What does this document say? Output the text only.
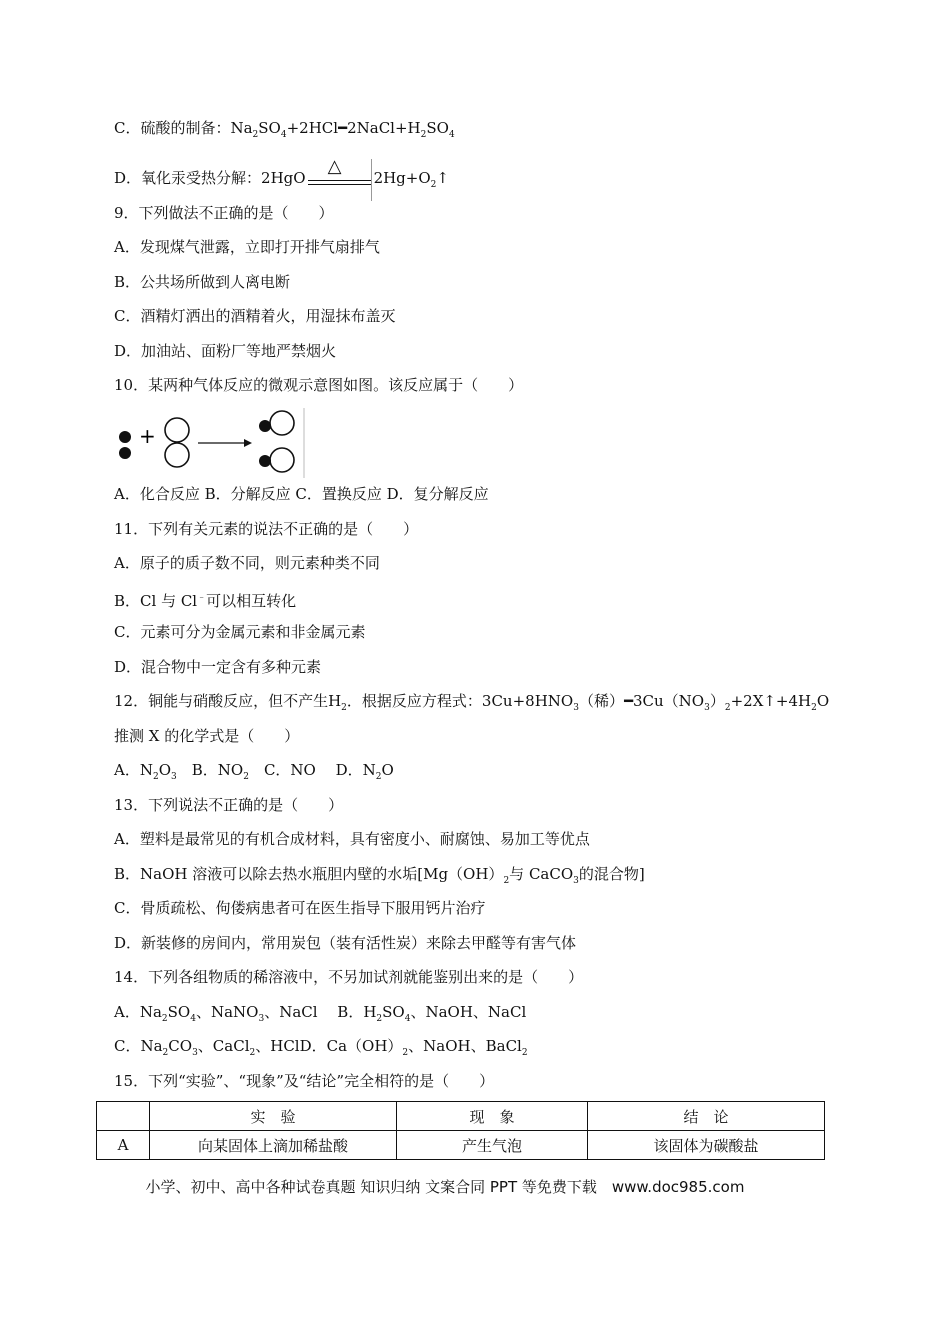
C．硫酸的制备：$Na_2SO_4+2HCl━2NaCl+H_2SO_4$
D．氧化汞受热分解：2HgO
△
$2Hg+O_2↑$
9．下列做法不正确的是（　　）
A．发现煤气泄露，立即打开排气扇排气
B．公共场所做到人离电断
C．酒精灯洒出的酒精着火，用湿抹布盖灭
D．加油站、面粉厂等地严禁烟火
10．某两种气体反应的微观示意图如图。该反应属于（　　）
+
A．化合反应 B．分解反应 C．置换反应 D．复分解反应
11．下列有关元素的说法不正确的是（　　）
A．原子的质子数不同，则元素种类不同
B．Cl 与 Cl﹣可以相互转化
C．元素可分为金属元素和非金属元素
D．混合物中一定含有多种元素
12．铜能与硝酸反应，但不产生$H_2$．根据反应方程式：$3Cu+8HNO_3$（稀）$━3Cu(NO_3)_2+2X↑+4H_2O$
推测 X 的化学式是（　　）
A．$N_2O_3$　B．$NO_2$　C．NO　 D．$N_2O$
13．下列说法不正确的是（　　）
A．塑料是最常见的有机合成材料，具有密度小、耐腐蚀、易加工等优点
B．NaOH 溶液可以除去热水瓶胆内壁的水垢[$Mg(OH)_2$与 CaCO$_3$的混合物]
C．骨质疏松、佝偻病患者可在医生指导下服用钙片治疗
D．新装修的房间内，常用炭包（装有活性炭）来除去甲醛等有害气体
14．下列各组物质的稀溶液中，不另加试剂就能鉴别出来的是（　　）
A．$Na_2SO_4$、NaNO$_3$、NaCl　 B．$H_2SO_4$、NaOH、NaCl
C．$Na_2CO_3$、CaCl$_2$、HClD．$Ca(OH)_2$、NaOH、BaCl$_2$
15．下列“实验”、“现象”及“结论”完全相符的是（　　）
	实　验	现　象	结　论
A	向某固体上滴加稀盐酸	产生气泡	该固体为碳酸盐
小学、初中、高中各种试卷真题 知识归纳 文案合同 PPT 等免费下载　www.doc985.com
